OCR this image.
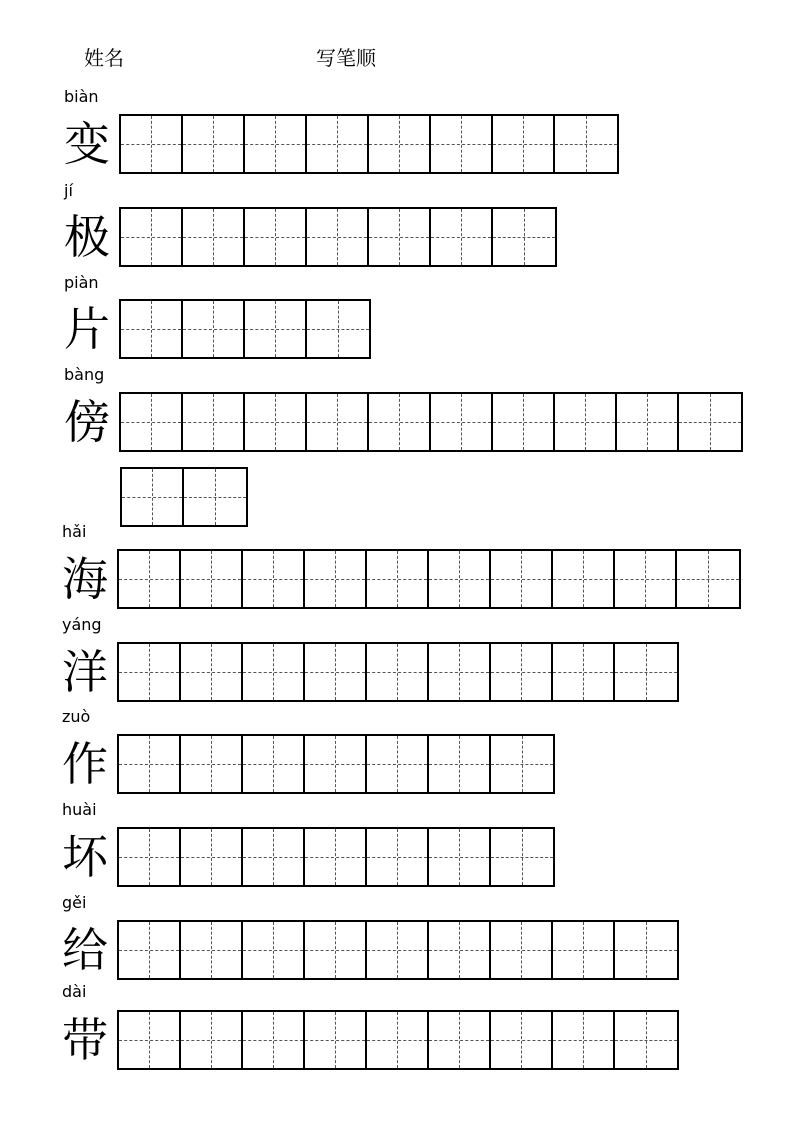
姓名	写笔顺
biàn
变
jí
极
piàn
片
bàng
傍
hǎi
海
yáng
洋
zuò
作
huài
坏
gěi
给
dài
带
